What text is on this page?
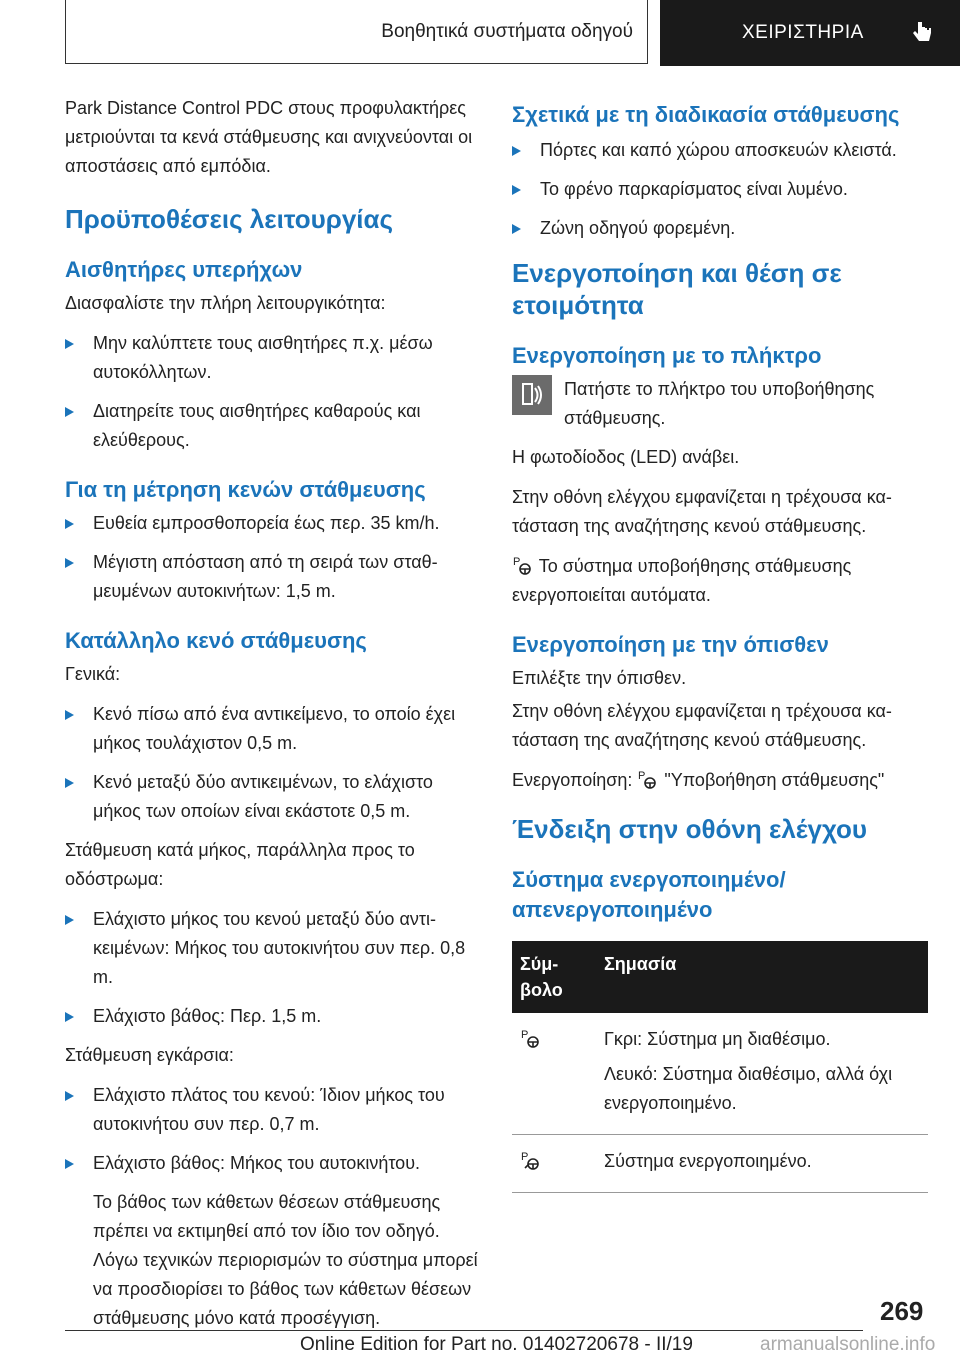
Βοηθητικά συστήματα οδηγού	ΧΕΙΡΙΣΤΗΡΙΑ

Park Distance Control PDC στους προφυλακτήρες μετριούνται τα κενά στάθμευσης και ανιχνεύονται οι αποστάσεις από εμπόδια.

Προϋποθέσεις λειτουργίας
Αισθητήρες υπερήχων

Διασφαλίστε την πλήρη λειτουργικότητα:

Μην καλύπτετε τους αισθητήρες π.χ. μέσω αυτοκόλλητων.
Διατηρείτε τους αισθητήρες καθαρούς και ελεύθερους.
Για τη μέτρηση κενών στάθμευσης
Ευθεία εμπροσθοπορεία έως περ. 35 km/h.
Μέγιστη απόσταση από τη σειρά των σταθμευμένων αυτοκινήτων: 1,5 m.
Κατάλληλο κενό στάθμευσης

Γενικά:

Κενό πίσω από ένα αντικείμενο, το οποίο έχει μήκος τουλάχιστον 0,5 m.
Κενό μεταξύ δύο αντικειμένων, το ελάχιστο μήκος των οποίων είναι εκάστοτε 0,5 m.

Στάθμευση κατά μήκος, παράλληλα προς το οδόστρωμα:

Ελάχιστο μήκος του κενού μεταξύ δύο αντικειμένων: Μήκος του αυτοκινήτου συν περ. 0,8 m.
Ελάχιστο βάθος: Περ. 1,5 m.

Στάθμευση εγκάρσια:

Ελάχιστο πλάτος του κενού: Ίδιον μήκος του αυτοκινήτου συν περ. 0,7 m.
Ελάχιστο βάθος: Μήκος του αυτοκινήτου.

Το βάθος των κάθετων θέσεων στάθμευσης πρέπει να εκτιμηθεί από τον ίδιο τον οδηγό. Λόγω τεχνικών περιορισμών το σύστημα μπορεί να προσδιορίσει το βάθος των κάθετων θέσεων στάθμευσης μόνο κατά προσέγγιση.

Σχετικά με τη διαδικασία στάθμευσης
Πόρτες και καπό χώρου αποσκευών κλειστά.
Το φρένο παρκαρίσματος είναι λυμένο.
Ζώνη οδηγού φορεμένη.
Ενεργοποίηση και θέση σε ετοιμότητα
Ενεργοποίηση με το πλήκτρο

Πατήστε το πλήκτρο του υποβοήθησης στάθμευσης.

Η φωτοδίοδος (LED) ανάβει.

Στην οθόνη ελέγχου εμφανίζεται η τρέχουσα κατάσταση της αναζήτησης κενού στάθμευσης.

P Το σύστημα υποβοήθησης στάθμευσης ενεργοποιείται αυτόματα.

Ενεργοποίηση με την όπισθεν

Επιλέξτε την όπισθεν.

Στην οθόνη ελέγχου εμφανίζεται η τρέχουσα κατάσταση της αναζήτησης κενού στάθμευσης.

Ενεργοποίηση: P "Υποβοήθηση στάθμευσης"

Ένδειξη στην οθόνη ελέγχου
Σύστημα ενεργοποιημένο/ απενεργοποιημένο
Σύμβολο	Σημασία

P	Γκρι: Σύστημα μη διαθέσιμο.

Λευκό: Σύστημα διαθέσιμο, αλλά όχι ενεργοποιημένο.

P	Σύστημα ενεργοποιημένο.

269
Online Edition for Part no. 01402720678 - II/19	armanualsonline.info
